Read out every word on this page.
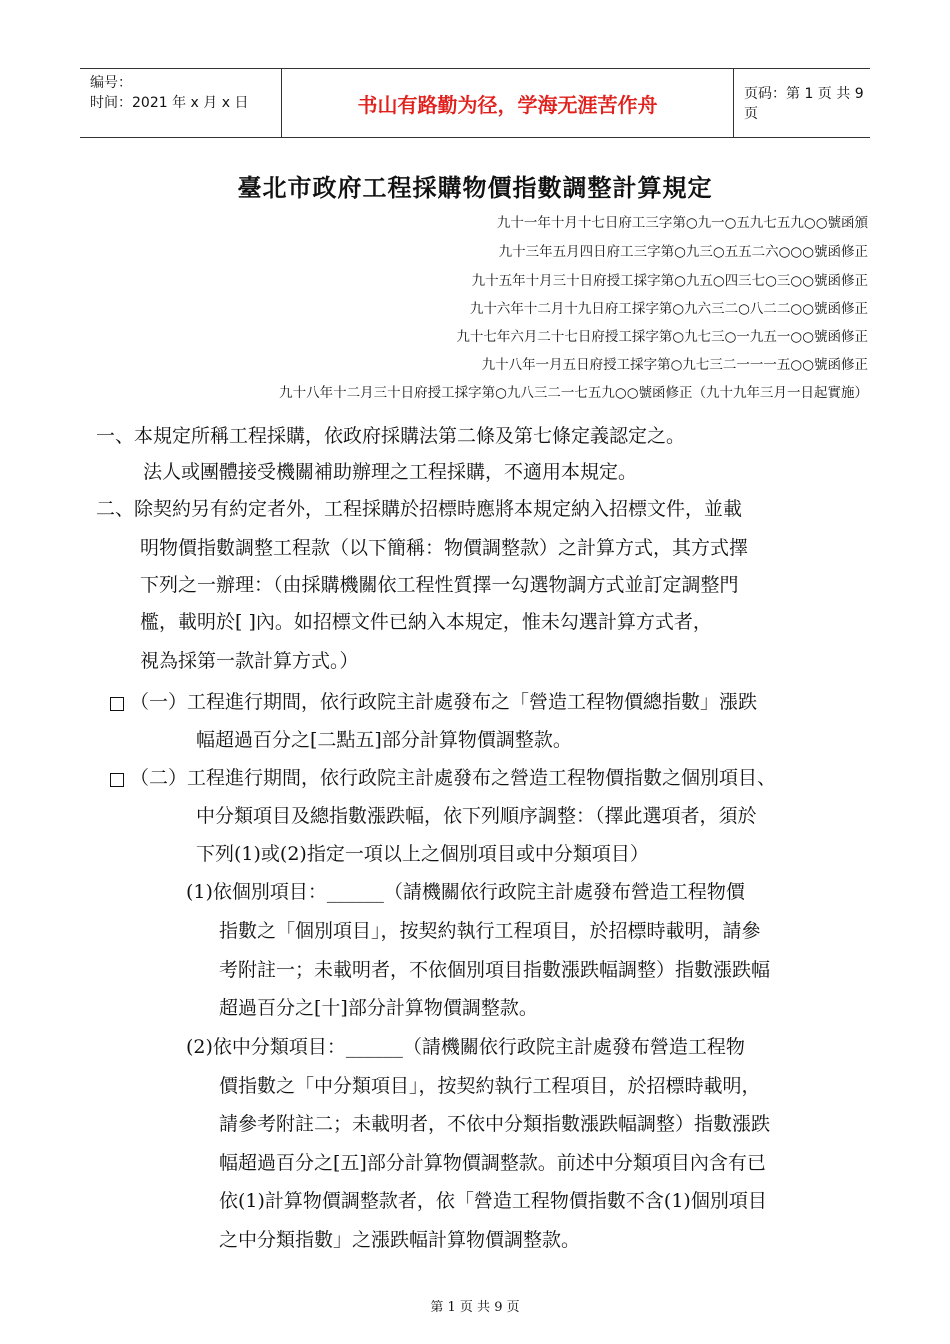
编号：
时间：2021 年 x 月 x 日	书山有路勤为径，学海无涯苦作舟	页码：第 1 页 共 9 页
臺北市政府工程採購物價指數調整計算規定
九十一年十月十七日府工三字第○九一○五九七五九○○號函頒
九十三年五月四日府工三字第○九三○五五二六○○○號函修正
九十五年十月三十日府授工採字第○九五○四三七○三○○號函修正
九十六年十二月十九日府工採字第○九六三二○八二二○○號函修正
九十七年六月二十七日府授工採字第○九七三○一九五一○○號函修正
九十八年一月五日府授工採字第○九七三二一一一五○○號函修正
九十八年十二月三十日府授工採字第○九八三二一七五九○○號函修正（九十九年三月一日起實施）
一、本規定所稱工程採購，依政府採購法第二條及第七條定義認定之。
法人或團體接受機關補助辦理之工程採購，不適用本規定。
二、除契約另有約定者外，工程採購於招標時應將本規定納入招標文件，並載
明物價指數調整工程款（以下簡稱：物價調整款）之計算方式，其方式擇
下列之一辦理：（由採購機關依工程性質擇一勾選物調方式並訂定調整門
檻，載明於[ ]內。如招標文件已納入本規定，惟未勾選計算方式者，
視為採第一款計算方式。）
（一）工程進行期間，依行政院主計處發布之「營造工程物價總指數」漲跌
幅超過百分之[二點五]部分計算物價調整款。
（二）工程進行期間，依行政院主計處發布之營造工程物價指數之個別項目、
中分類項目及總指數漲跌幅，依下列順序調整：（擇此選項者，須於
下列(1)或(2)指定一項以上之個別項目或中分類項目）
(1)依個別項目：______（請機關依行政院主計處發布營造工程物價
指數之「個別項目」，按契約執行工程項目，於招標時載明，請參
考附註一；未載明者，不依個別項目指數漲跌幅調整）指數漲跌幅
超過百分之[十]部分計算物價調整款。
(2)依中分類項目：______（請機關依行政院主計處發布營造工程物
價指數之「中分類項目」，按契約執行工程項目，於招標時載明，
請參考附註二；未載明者，不依中分類指數漲跌幅調整）指數漲跌
幅超過百分之[五]部分計算物價調整款。前述中分類項目內含有已
依(1)計算物價調整款者，依「營造工程物價指數不含(1)個別項目
之中分類指數」之漲跌幅計算物價調整款。
第 1 页 共 9 页
